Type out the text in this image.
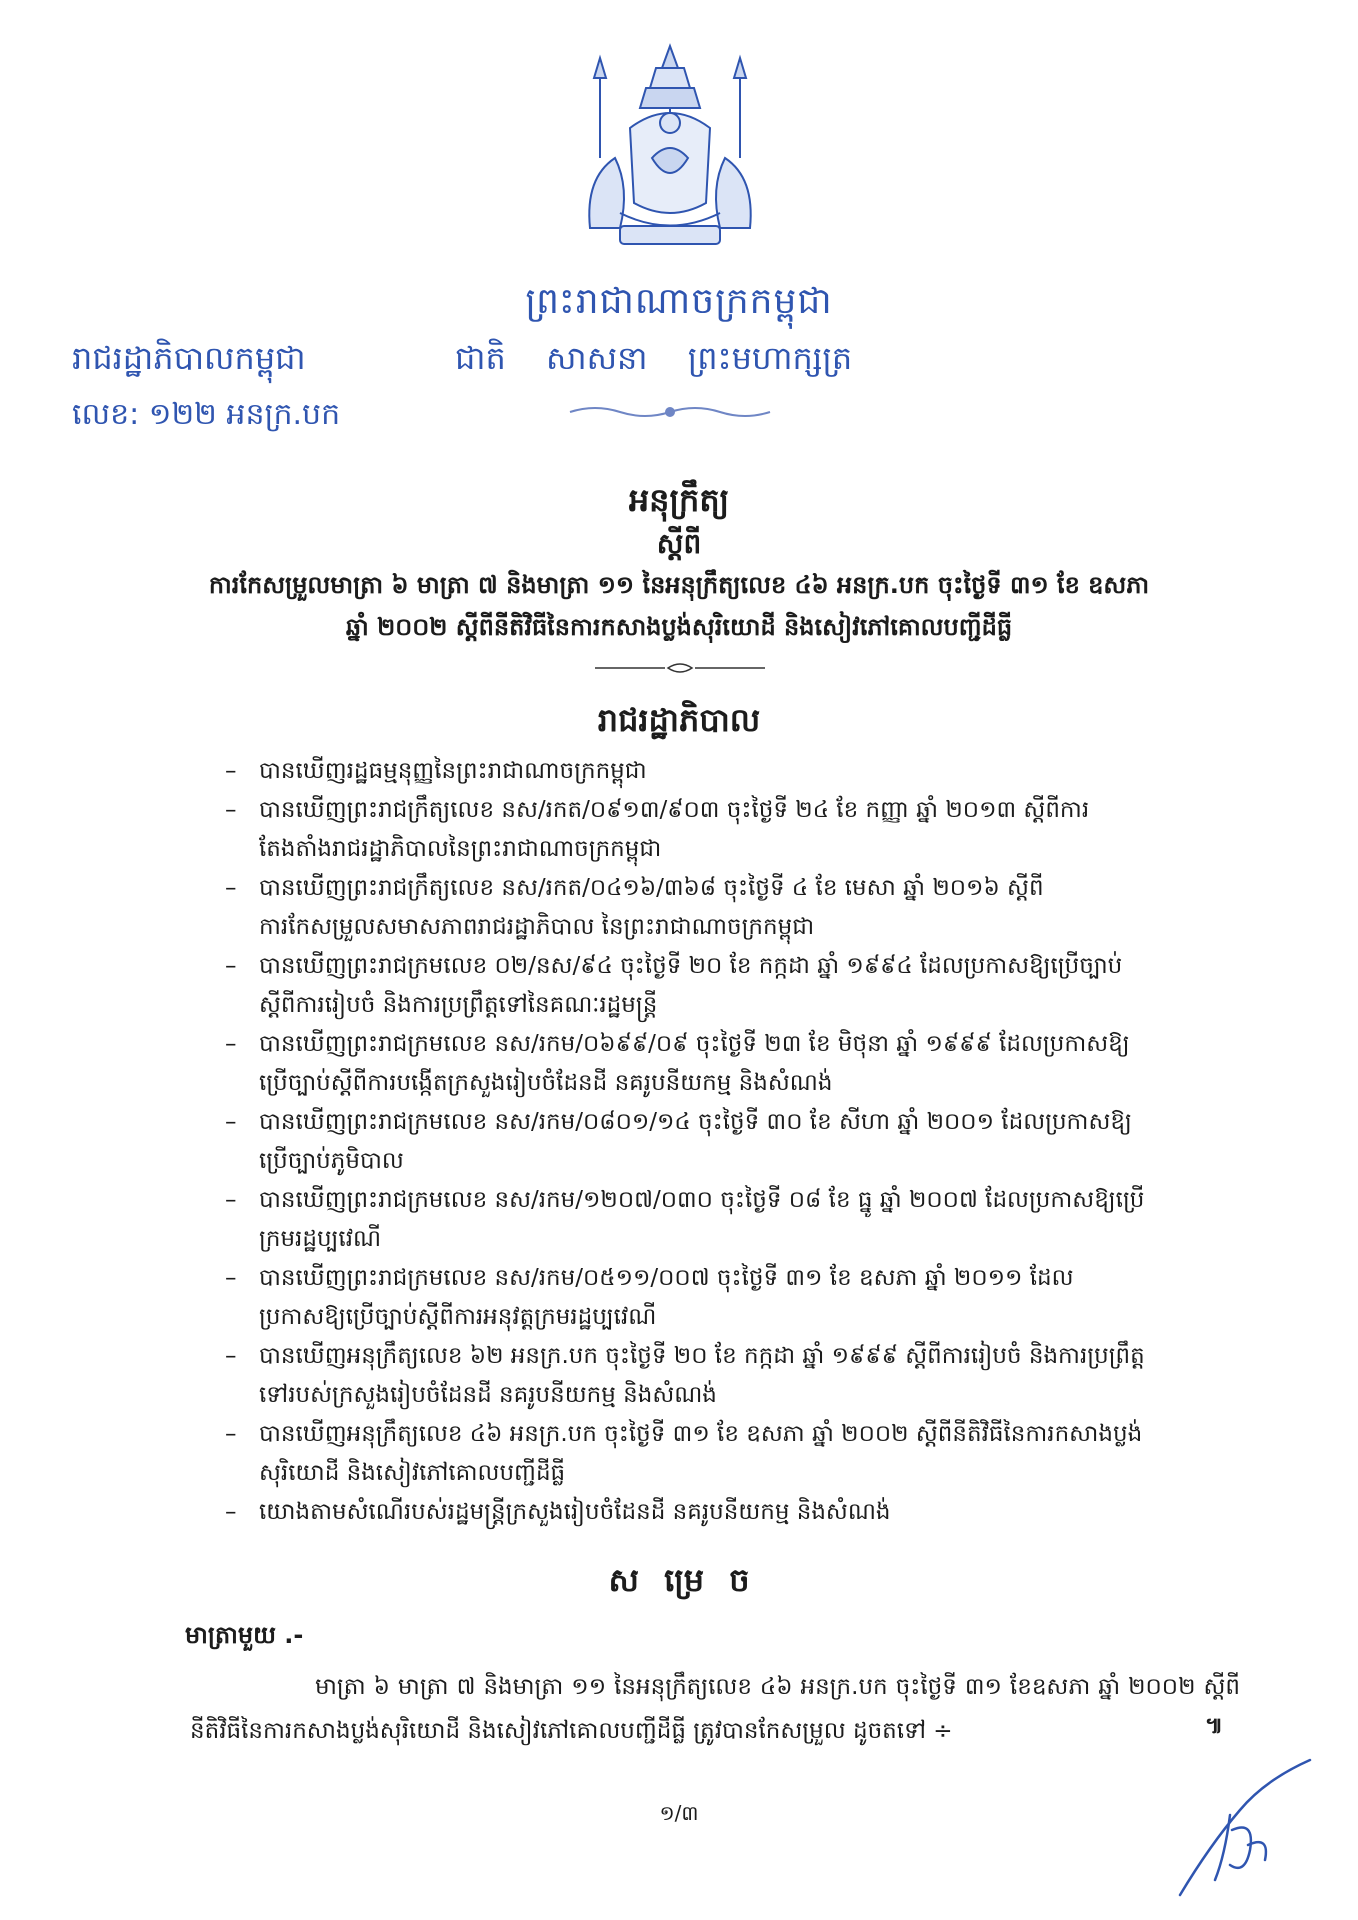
ព្រះរាជាណាចក្រកម្ពុជា
រាជរដ្ឋាភិបាលកម្ពុជា	ជាតិ សាសនា ព្រះមហាក្សត្រ
លេខ: ១២២ អនក្រ.បក
អនុក្រឹត្យ
ស្តីពី
ការកែសម្រួលមាត្រា ៦ មាត្រា ៧ និងមាត្រា ១១ នៃអនុក្រឹត្យលេខ ៤៦ អនក្រ.បក ចុះថ្ងៃទី ៣១ ខែ ឧសភា
ឆ្នាំ ២០០២ ស្តីពីនីតិវិធីនៃការកសាងប្លង់សុរិយោដី និងសៀវភៅគោលបញ្ជីដីធ្លី
រាជរដ្ឋាភិបាល
– បានឃើញរដ្ឋធម្មនុញ្ញនៃព្រះរាជាណាចក្រកម្ពុជា
– បានឃើញព្រះរាជក្រឹត្យលេខ នស/រកត/០៩១៣/៩០៣ ចុះថ្ងៃទី ២៤ ខែ កញ្ញា ឆ្នាំ ២០១៣ ស្តីពីការតែងតាំងរាជរដ្ឋាភិបាលនៃព្រះរាជាណាចក្រកម្ពុជា
– បានឃើញព្រះរាជក្រឹត្យលេខ នស/រកត/០៤១៦/៣៦៨ ចុះថ្ងៃទី ៤ ខែ មេសា ឆ្នាំ ២០១៦ ស្តីពីការកែសម្រួលសមាសភាពរាជរដ្ឋាភិបាល នៃព្រះរាជាណាចក្រកម្ពុជា
– បានឃើញព្រះរាជក្រមលេខ ០២/នស/៩៤ ចុះថ្ងៃទី ២០ ខែ កក្កដា ឆ្នាំ ១៩៩៤ ដែលប្រកាសឱ្យប្រើច្បាប់ស្តីពីការរៀបចំ និងការប្រព្រឹត្តទៅនៃគណៈរដ្ឋមន្ត្រី
– បានឃើញព្រះរាជក្រមលេខ នស/រកម/០៦៩៩/០៩ ចុះថ្ងៃទី ២៣ ខែ មិថុនា ឆ្នាំ ១៩៩៩ ដែលប្រកាសឱ្យប្រើច្បាប់ស្តីពីការបង្កើតក្រសួងរៀបចំដែនដី នគរូបនីយកម្ម និងសំណង់
– បានឃើញព្រះរាជក្រមលេខ នស/រកម/០៨០១/១៤ ចុះថ្ងៃទី ៣០ ខែ សីហា ឆ្នាំ ២០០១ ដែលប្រកាសឱ្យប្រើច្បាប់ភូមិបាល
– បានឃើញព្រះរាជក្រមលេខ នស/រកម/១២០៧/០៣០ ចុះថ្ងៃទី ០៨ ខែ ធ្នូ ឆ្នាំ ២០០៧ ដែលប្រកាសឱ្យប្រើក្រមរដ្ឋប្បវេណី
– បានឃើញព្រះរាជក្រមលេខ នស/រកម/០៥១១/០០៧ ចុះថ្ងៃទី ៣១ ខែ ឧសភា ឆ្នាំ ២០១១ ដែលប្រកាសឱ្យប្រើច្បាប់ស្តីពីការអនុវត្តក្រមរដ្ឋប្បវេណី
– បានឃើញអនុក្រឹត្យលេខ ៦២ អនក្រ.បក ចុះថ្ងៃទី ២០ ខែ កក្កដា ឆ្នាំ ១៩៩៩ ស្តីពីការរៀបចំ និងការប្រព្រឹត្តទៅរបស់ក្រសួងរៀបចំដែនដី នគរូបនីយកម្ម និងសំណង់
– បានឃើញអនុក្រឹត្យលេខ ៤៦ អនក្រ.បក ចុះថ្ងៃទី ៣១ ខែ ឧសភា ឆ្នាំ ២០០២ ស្តីពីនីតិវិធីនៃការកសាងប្លង់សុរិយោដី និងសៀវភៅគោលបញ្ជីដីធ្លី
– យោងតាមសំណើរបស់រដ្ឋមន្ត្រីក្រសួងរៀបចំដែនដី នគរូបនីយកម្ម និងសំណង់
ស ម្រេ ច
មាត្រាមួយ .-
មាត្រា ៦ មាត្រា ៧ និងមាត្រា ១១ នៃអនុក្រឹត្យលេខ ៤៦ អនក្រ.បក ចុះថ្ងៃទី ៣១ ខែឧសភា ឆ្នាំ ២០០២ ស្តីពីនីតិវិធីនៃការកសាងប្លង់សុរិយោដី និងសៀវភៅគោលបញ្ជីដីធ្លី ត្រូវបានកែសម្រួល ដូចតទៅ ÷	៕
១/៣
